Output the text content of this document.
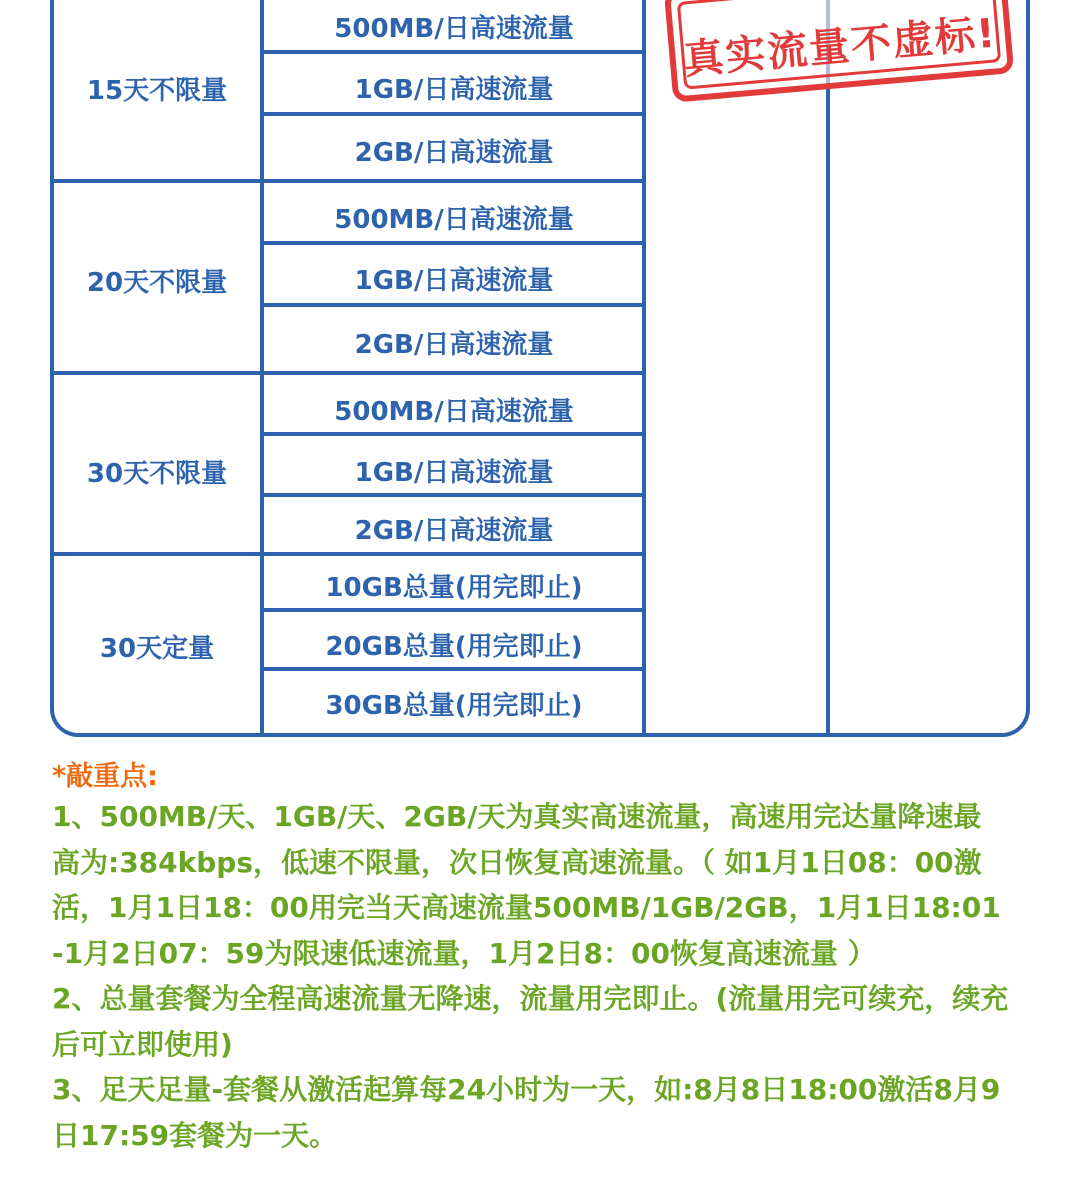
15天不限量
20天不限量
30天不限量
30天定量
500MB/日高速流量
1GB/日高速流量
2GB/日高速流量
500MB/日高速流量
1GB/日高速流量
2GB/日高速流量
500MB/日高速流量
1GB/日高速流量
2GB/日高速流量
10GB总量(用完即止)
20GB总量(用完即止)
30GB总量(用完即止)
真实流量不虚标!
*敲重点:

1、500MB/天、1GB/天、2GB/天为真实高速流量，高速用完达量降速最

高为:384kbps，低速不限量，次日恢复高速流量。（ 如1月1日08：00激

活，1月1日18：00用完当天高速流量500MB/1GB/2GB，1月1日18:01

-1月2日07：59为限速低速流量，1月2日8：00恢复高速流量 ）

2、总量套餐为全程高速流量无降速，流量用完即止。(流量用完可续充，续充

后可立即使用)

3、足天足量-套餐从激活起算每24小时为一天，如:8月8日18:00激活8月9

日17:59套餐为一天。
